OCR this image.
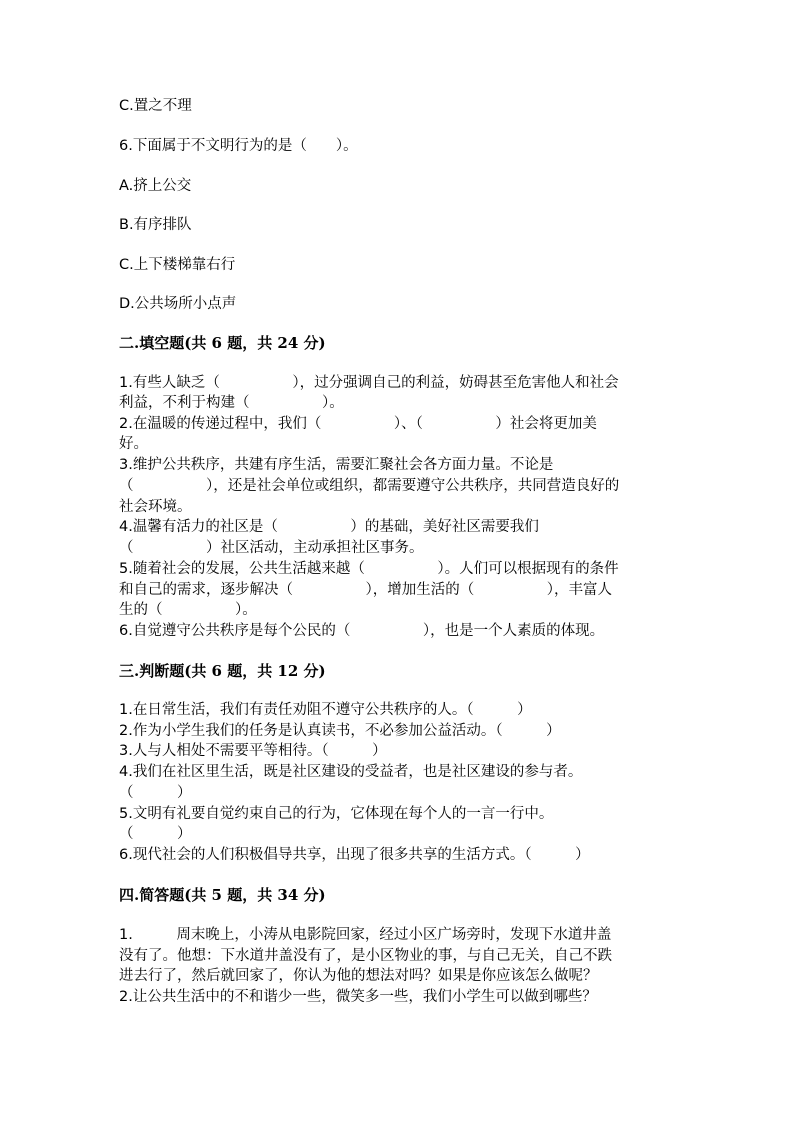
C.置之不理
6.下面属于不文明行为的是（　　）。
A.挤上公交
B.有序排队
C.上下楼梯靠右行
D.公共场所小点声
二.填空题(共 6 题，共 24 分)
1.有些人缺乏（　　　　　），过分强调自己的利益，妨碍甚至危害他人和社会
利益，不利于构建（　　　　　）。
2.在温暖的传递过程中，我们（　　　　　）、（　　　　　）社会将更加美
好。
3.维护公共秩序，共建有序生活，需要汇聚社会各方面力量。不论是
（　　　　　），还是社会单位或组织，都需要遵守公共秩序，共同营造良好的
社会环境。
4.温馨有活力的社区是（　　　　　）的基础，美好社区需要我们
（　　　　　）社区活动，主动承担社区事务。
5.随着社会的发展，公共生活越来越（　　　　　）。人们可以根据现有的条件
和自己的需求，逐步解决（　　　　　），增加生活的（　　　　　），丰富人
生的（　　　　　）。
6.自觉遵守公共秩序是每个公民的（　　　　　），也是一个人素质的体现。
三.判断题(共 6 题，共 12 分)
1.在日常生活，我们有责任劝阻不遵守公共秩序的人。（　　　）
2.作为小学生我们的任务是认真读书，不必参加公益活动。（　　　）
3.人与人相处不需要平等相待。（　　　）
4.我们在社区里生活，既是社区建设的受益者，也是社区建设的参与者。
（　　　）
5.文明有礼要自觉约束自己的行为，它体现在每个人的一言一行中。
（　　　）
6.现代社会的人们积极倡导共享，出现了很多共享的生活方式。（　　　）
四.简答题(共 5 题，共 34 分)
1.　　　周末晚上，小涛从电影院回家，经过小区广场旁时，发现下水道井盖
没有了。他想：下水道井盖没有了，是小区物业的事，与自己无关，自己不跌
进去行了，然后就回家了，你认为他的想法对吗？如果是你应该怎么做呢？
2.让公共生活中的不和谐少一些，微笑多一些，我们小学生可以做到哪些？
